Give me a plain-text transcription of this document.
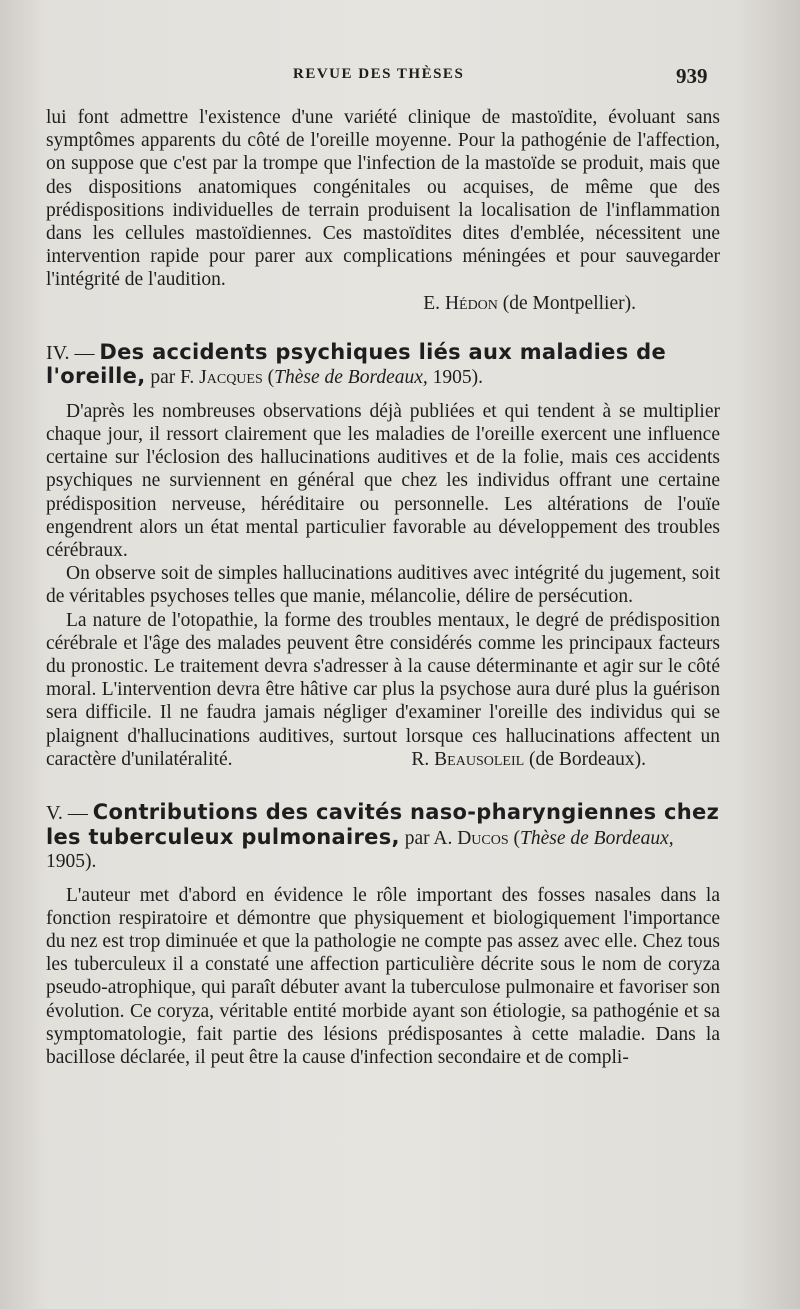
REVUE DES THÈSES	939

lui font admettre l'existence d'une variété clinique de mastoïdite, évoluant sans symptômes apparents du côté de l'oreille moyenne. Pour la pathogénie de l'affection, on suppose que c'est par la trompe que l'infection de la mastoïde se produit, mais que des dispositions anatomiques congénitales ou acquises, de même que des prédispositions individuelles de terrain produisent la localisation de l'inflammation dans les cellules mastoïdiennes. Ces mastoïdites dites d'emblée, nécessitent une intervention rapide pour parer aux complications méningées et pour sauvegarder l'intégrité de l'audition.

E. Hédon (de Montpellier).

IV. — Des accidents psychiques liés aux maladies de l'oreille, par F. Jacques (Thèse de Bordeaux, 1905).

D'après les nombreuses observations déjà publiées et qui tendent à se multiplier chaque jour, il ressort clairement que les maladies de l'oreille exercent une influence certaine sur l'éclosion des hallucinations auditives et de la folie, mais ces accidents psychiques ne surviennent en général que chez les individus offrant une certaine prédisposition nerveuse, héréditaire ou personnelle. Les altérations de l'ouïe engendrent alors un état mental particulier favorable au développement des troubles cérébraux.

On observe soit de simples hallucinations auditives avec intégrité du jugement, soit de véritables psychoses telles que manie, mélancolie, délire de persécution.

La nature de l'otopathie, la forme des troubles mentaux, le degré de prédisposition cérébrale et l'âge des malades peuvent être considérés comme les principaux facteurs du pronostic. Le traitement devra s'adresser à la cause déterminante et agir sur le côté moral. L'intervention devra être hâtive car plus la psychose aura duré plus la guérison sera difficile. Il ne faudra jamais négliger d'examiner l'oreille des individus qui se plaignent d'hallucinations auditives, surtout lorsque ces hallucinations affectent un caractère d'unilatéralité.	R. Beausoleil (de Bordeaux).

V. — Contributions des cavités naso-pharyngiennes chez les tuberculeux pulmonaires, par A. Ducos (Thèse de Bordeaux, 1905).

L'auteur met d'abord en évidence le rôle important des fosses nasales dans la fonction respiratoire et démontre que physiquement et biologiquement l'importance du nez est trop diminuée et que la pathologie ne compte pas assez avec elle. Chez tous les tuberculeux il a constaté une affection particulière décrite sous le nom de coryza pseudo-atrophique, qui paraît débuter avant la tuberculose pulmonaire et favoriser son évolution. Ce coryza, véritable entité morbide ayant son étiologie, sa pathogénie et sa symptomatologie, fait partie des lésions prédisposantes à cette maladie. Dans la bacillose déclarée, il peut être la cause d'infection secondaire et de compli-
